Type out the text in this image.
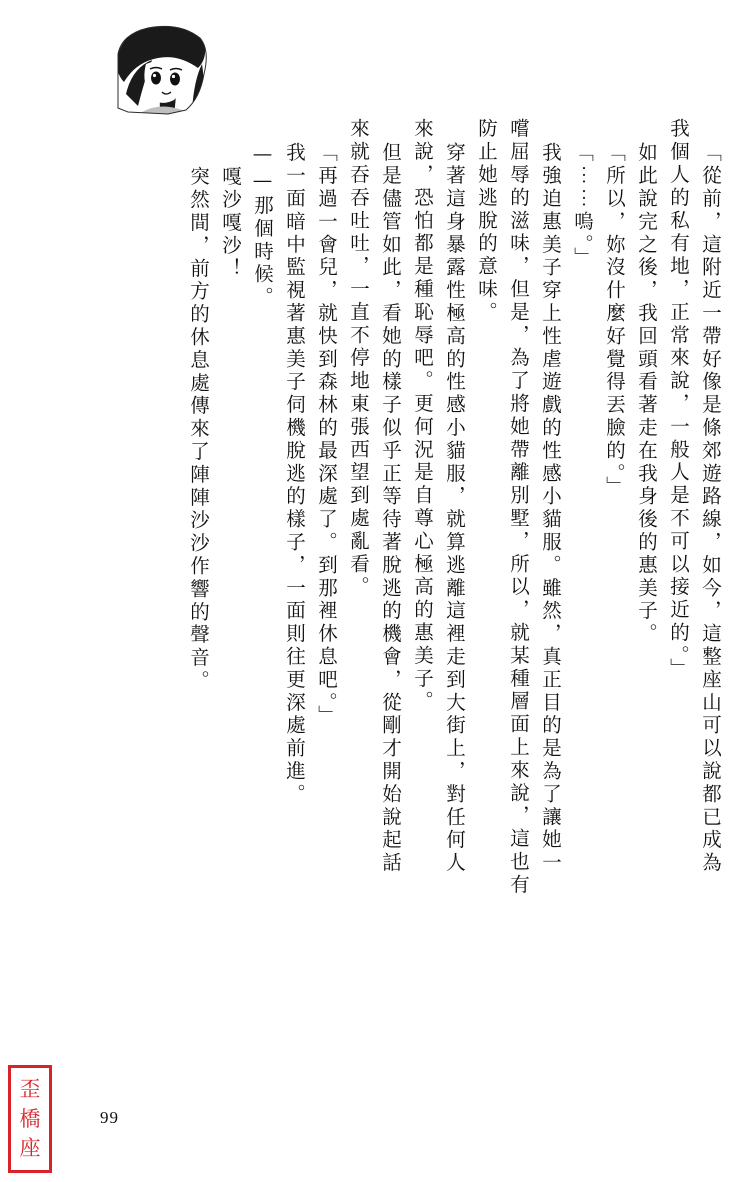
突然間，前方的休息處傳來了陣陣沙沙作響的聲音。 嘎沙嘎沙！ ——那個時候。 我一面暗中監視著惠美子伺機脫逃的樣子，一面則往更深處前進。 「再過一會兒，就快到森林的最深處了。到那裡休息吧。」 來就吞吞吐吐，一直不停地東張西望到處亂看。 但是儘管如此，看她的樣子似乎正等待著脫逃的機會，從剛才開始說起話 來說，恐怕都是種恥辱吧。更何況是自尊心極高的惠美子。 穿著這身暴露性極高的性感小貓服，就算逃離這裡走到大街上，對任何人 防止她逃脫的意味。 嚐屈辱的滋味，但是，為了將她帶離別墅，所以，就某種層面上來說，這也有 我強迫惠美子穿上性虐遊戲的性感小貓服。雖然，真正目的是為了讓她一 「⋯⋯嗚。」 「所以，妳沒什麼好覺得丟臉的。」 如此說完之後，我回頭看著走在我身後的惠美子。 我個人的私有地，正常來說，一般人是不可以接近的。」 「從前，這附近一帶好像是條郊遊路線，如今，這整座山可以說都已成為
99
歪
橋
座
